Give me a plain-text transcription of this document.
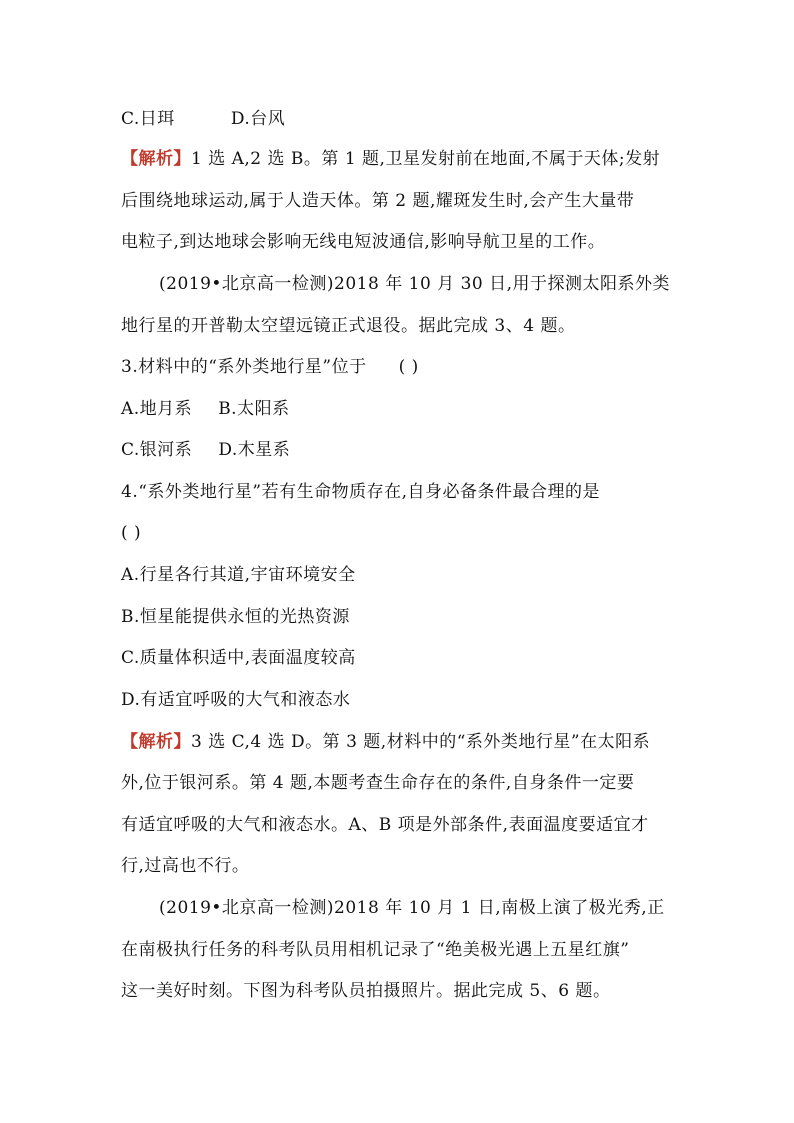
C.日珥	D.台风
【解析】1 选 A,2 选 B。第 1 题,卫星发射前在地面,不属于天体;发射
后围绕地球运动,属于人造天体。第 2 题,耀斑发生时,会产生大量带
电粒子,到达地球会影响无线电短波通信,影响导航卫星的工作。
(2019•北京高一检测)2018 年 10 月 30 日,用于探测太阳系外类
地行星的开普勒太空望远镜正式退役。据此完成 3、4 题。
3.材料中的“系外类地行星”位于 ( )
A.地月系 B.太阳系
C.银河系 D.木星系
4.“系外类地行星”若有生命物质存在,自身必备条件最合理的是
( )
A.行星各行其道,宇宙环境安全
B.恒星能提供永恒的光热资源
C.质量体积适中,表面温度较高
D.有适宜呼吸的大气和液态水
【解析】3 选 C,4 选 D。第 3 题,材料中的“系外类地行星”在太阳系
外,位于银河系。第 4 题,本题考查生命存在的条件,自身条件一定要
有适宜呼吸的大气和液态水。A、B 项是外部条件,表面温度要适宜才
行,过高也不行。
(2019•北京高一检测)2018 年 10 月 1 日,南极上演了极光秀,正
在南极执行任务的科考队员用相机记录了“绝美极光遇上五星红旗”
这一美好时刻。下图为科考队员拍摄照片。据此完成 5、6 题。
